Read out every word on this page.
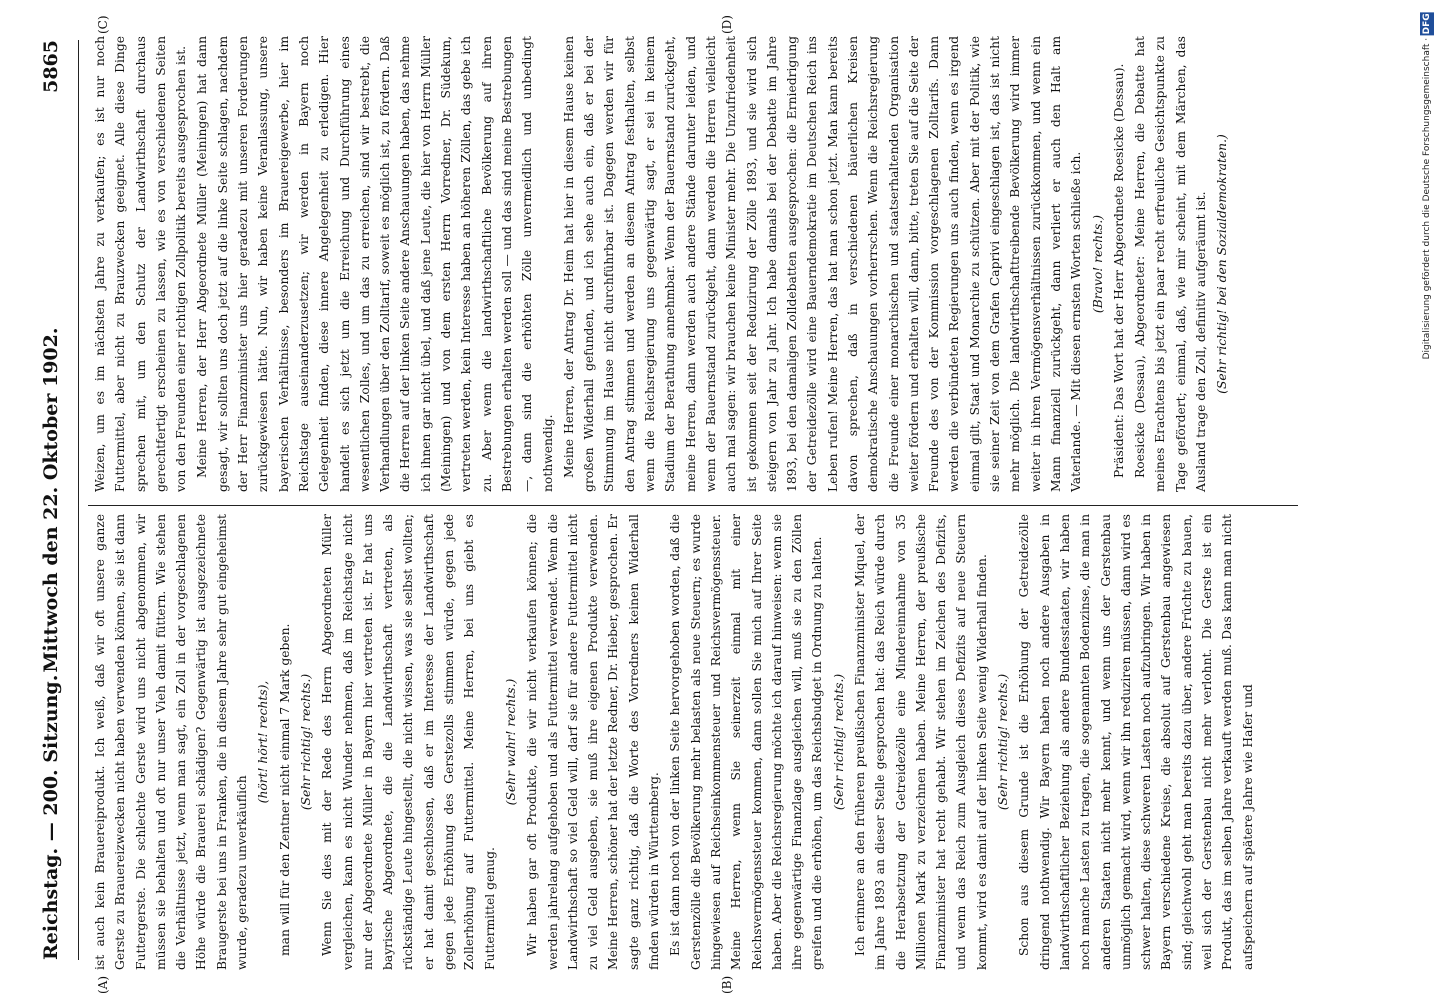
Reichstag. — 200. Sitzung.
Mittwoch den 22. Oktober 1902.
5865

ist auch kein Brauereiprodukt. Ich weiß, daß wir oft unsere ganze Gerste zu Brauereizwecken nicht haben verwenden können, sie ist dann Futtergerste. Die schlechte Gerste wird uns nicht abgenommen, wir müssen sie behalten und oft nur unser Vieh damit füttern. Wie stehen die Verhältnisse jetzt, wenn man sagt, ein Zoll in der vorgeschlagenen Höhe würde die Brauerei schädigen? Gegenwärtig ist ausgezeichnete Braugerste bei uns in Franken, die in diesem Jahre sehr gut eingeheimst wurde, geradezu unverkäuflich

(hört! hört! rechts), man will für den Zentner nicht einmal 7 Mark geben. (Sehr richtig! rechts.) Wenn Sie dies mit der Rede des Herrn Abgeordneten Müller vergleichen, kann es nicht Wunder nehmen, daß im Reichstage nicht nur der Abgeordnete Müller in Bayern hier vertreten ist. Er hat uns bayrische Abgeordnete, die die Landwirthschaft vertreten, als rückständige Leute hingestellt, die nicht wissen, was sie selbst wollten; er hat damit geschlossen, daß er im Interesse der Landwirthschaft gegen jede Erhöhung des Gerstezolls stimmen würde, gegen jede Zollerhöhung auf Futtermittel. Meine Herren, bei uns giebt es Futtermittel genug.

(Sehr wahr! rechts.) Wir haben gar oft Produkte, die wir nicht verkaufen können; die werden jahrelang aufgehoben und als Futtermittel verwendet. Wenn die Landwirthschaft so viel Geld will, darf sie für andere Futtermittel nicht zu viel Geld ausgeben, sie muß ihre eigenen Produkte verwenden. Meine Herren, schöner hat der letzte Redner, Dr. Hieber, gesprochen. Er sagte ganz richtig, daß die Worte des Vorredners keinen Widerhall finden würden in Württemberg. Es ist dann noch von der linken Seite hervorgehoben worden, daß die Gerstenzölle die Bevölkerung mehr belasten als neue Steuern; es wurde hingewiesen auf Reichseinkommensteuer und Reichsvermögenssteuer. Meine Herren, wenn Sie seinerzeit einmal mit einer Reichsvermögenssteuer kommen, dann sollen Sie mich auf Ihrer Seite haben. Aber die Reichsregierung möchte ich darauf hinweisen: wenn sie ihre gegenwärtige Finanzlage ausgleichen will, muß sie zu den Zöllen greifen und die erhöhen, um das Reichsbudget in Ordnung zu halten. (Sehr richtig! rechts.) Ich erinnere an den früheren preußischen Finanzminister Miquel, der im Jahre 1893 an dieser Stelle gesprochen hat: das Reich würde durch die Herabsetzung der Getreidezölle eine Mindereinnahme von 35 Millionen Mark zu verzeichnen haben. Meine Herren, der preußische Finanzminister hat recht gehabt. Wir stehen im Zeichen des Defizits, und wenn das Reich zum Ausgleich dieses Defizits auf neue Steuern kommt, wird es damit auf der linken Seite wenig Widerhall finden. (Sehr richtig! rechts.) Schon aus diesem Grunde ist die Erhöhung der Getreidezölle dringend nothwendig. Wir Bayern haben noch andere Ausgaben in landwirthschaftlicher Beziehung als andere Bundesstaaten, wir haben noch manche Lasten zu tragen, die sogenannten Bodenzinse, die man in anderen Staaten nicht mehr kennt, und wenn uns der Gerstenbau unmöglich gemacht wird, wenn wir ihn reduziren müssen, dann wird es schwer halten, diese schweren Lasten noch aufzubringen. Wir haben in Bayern verschiedene Kreise, die absolut auf Gerstenbau angewiesen sind; gleichwohl geht man bereits dazu über, andere Früchte zu bauen, weil sich der Gerstenbau nicht mehr verlohnt. Die Gerste ist ein Produkt, das im selben Jahre verkauft werden muß. Das kann man nicht aufspeichern auf spätere Jahre wie Hafer und

Weizen, um es im nächsten Jahre zu verkaufen; es ist nur noch Futtermittel, aber nicht zu Brauzwecken geeignet. Alle diese Dinge sprechen mit, um den Schutz der Landwirthschaft durchaus gerechtfertigt erscheinen zu lassen, wie es von verschiedenen Seiten von den Freunden einer richtigen Zollpolitik bereits ausgesprochen ist. Meine Herren, der Herr Abgeordnete Müller (Meiningen) hat dann gesagt, wir sollten uns doch jetzt auf die linke Seite schlagen, nachdem der Herr Finanzminister uns hier geradezu mit unseren Forderungen zurückgewiesen hätte. Nun, wir haben keine Veranlassung, unsere bayerischen Verhältnisse, besonders im Brauereigewerbe, hier im Reichstage auseinanderzusetzen; wir werden in Bayern noch Gelegenheit finden, diese innere Angelegenheit zu erledigen. Hier handelt es sich jetzt um die Erreichung und Durchführung eines wesentlichen Zolles, und um das zu erreichen, sind wir bestrebt, die Verhandlungen über den Zolltarif, soweit es möglich ist, zu fördern. Daß die Herren auf der linken Seite andere Anschauungen haben, das nehme ich ihnen gar nicht übel, und daß jene Leute, die hier von Herrn Müller (Meiningen) und von dem ersten Herrn Vorredner, Dr. Südekum, vertreten werden, kein Interesse haben an höheren Zöllen, das gebe ich zu. Aber wenn die landwirthschaftliche Bevölkerung auf ihren Bestrebungen erhalten werden soll — und das sind meine Bestrebungen —, dann sind die erhöhten Zölle unvermeidlich und unbedingt nothwendig. Meine Herren, der Antrag Dr. Heim hat hier in diesem Hause keinen großen Widerhall gefunden, und ich sehe auch ein, daß er bei der Stimmung im Hause nicht durchführbar ist. Dagegen werden wir für den Antrag stimmen und werden an diesem Antrag festhalten, selbst wenn die Reichsregierung uns gegenwärtig sagt, er sei in keinem Stadium der Berathung annehmbar. Wenn der Bauernstand zurückgeht, meine Herren, dann werden auch andere Stände darunter leiden, und wenn der Bauernstand zurückgeht, dann werden die Herren vielleicht auch mal sagen: wir brauchen keine Minister mehr. Die Unzufriedenheit ist gekommen seit der Reduzirung der Zölle 1893, und sie wird sich steigern von Jahr zu Jahr. Ich habe damals bei der Debatte im Jahre 1893, bei den damaligen Zolldebatten ausgesprochen: die Erniedrigung der Getreidezölle wird eine Bauerndemokratie im Deutschen Reich ins Leben rufen! Meine Herren, das hat man schon jetzt. Man kann bereits davon sprechen, daß in verschiedenen bäuerlichen Kreisen demokratische Anschauungen vorherrschen. Wenn die Reichsregierung die Freunde einer monarchischen und staatserhaltenden Organisation weiter fördern und erhalten will, dann, bitte, treten Sie auf die Seite der Freunde des von der Kommission vorgeschlagenen Zolltarifs. Dann werden die verbündeten Regierungen uns auch finden, wenn es irgend einmal gilt, Staat und Monarchie zu schützen. Aber mit der Politik, wie sie seiner Zeit von dem Grafen Caprivi eingeschlagen ist, das ist nicht mehr möglich. Die landwirthschafttreibende Bevölkerung wird immer weiter in ihren Vermögensverhältnissen zurückkommen, und wenn ein Mann finanziell zurückgeht, dann verliert er auch den Halt am Vaterlande. — Mit diesen ernsten Worten schließe ich. (Bravo! rechts.) Präsident: Das Wort hat der Herr Abgeordnete Roesicke (Dessau). Roesicke (Dessau), Abgeordneter: Meine Herren, die Debatte hat meines Erachtens bis jetzt ein paar recht erfreuliche Gesichtspunkte zu Tage gefördert; einmal, daß, wie mir scheint, mit dem Märchen, das Ausland trage den Zoll, definitiv aufgeräumt ist. (Sehr richtig! bei den Sozialdemokraten.)

(A)	(B)
(C)	(D)
Digitalisierung gefördert durch die Deutsche Forschungsgemeinschaft · DFG
